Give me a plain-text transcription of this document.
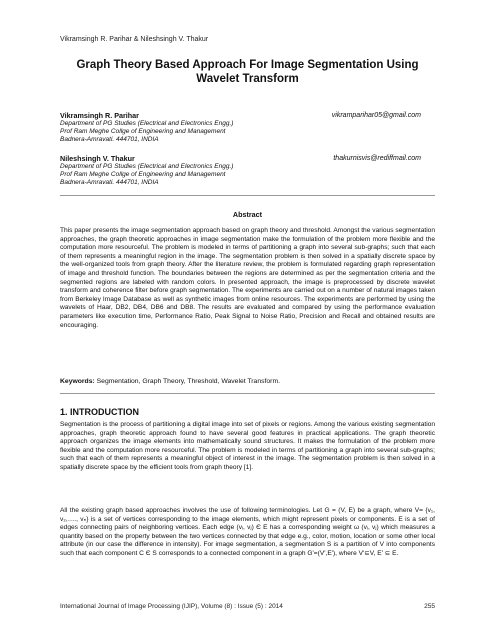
Vikramsingh R. Parihar & Nileshsingh V. Thakur
Graph Theory Based Approach For Image Segmentation Using
Wavelet Transform
Vikramsingh R. Parihar	vikramparihar05@gmail.com
Department of PG Studies (Electrical and Electronics Engg.)
Prof Ram Meghe Collge of Engineering and Management
Badnera-Amravati. 444701, INDIA
Nileshsingh V. Thakur	thakurnisvis@rediffmail.com
Department of PG Studies (Electrical and Electronics Engg.)
Prof Ram Meghe Collge of Engineering and Management
Badnera-Amravati. 444701, INDIA
Abstract
This paper presents the image segmentation approach based on graph theory and threshold. Amongst the various segmentation approaches, the graph theoretic approaches in image segmentation make the formulation of the problem more flexible and the computation more resourceful. The problem is modeled in terms of partitioning a graph into several sub-graphs; such that each of them represents a meaningful region in the image. The segmentation problem is then solved in a spatially discrete space by the well-organized tools from graph theory. After the literature review, the problem is formulated regarding graph representation of image and threshold function. The boundaries between the regions are determined as per the segmentation criteria and the segmented regions are labeled with random colors. In presented approach, the image is preprocessed by discrete wavelet transform and coherence filter before graph segmentation. The experiments are carried out on a number of natural images taken from Berkeley Image Database as well as synthetic images from online resources. The experiments are performed by using the wavelets of Haar, DB2, DB4, DB6 and DB8. The results are evaluated and compared by using the performance evaluation parameters like execution time, Performance Ratio, Peak Signal to Noise Ratio, Precision and Recall and obtained results are encouraging.
Keywords: Segmentation, Graph Theory, Threshold, Wavelet Transform.
1. INTRODUCTION
Segmentation is the process of partitioning a digital image into set of pixels or regions. Among the various existing segmentation approaches, graph theoretic approach found to have several good features in practical applications. The graph theoretic approach organizes the image elements into mathematically sound structures. It makes the formulation of the problem more flexible and the computation more resourceful. The problem is modeled in terms of partitioning a graph into several sub-graphs; such that each of them represents a meaningful object of interest in the image. The segmentation problem is then solved in a spatially discrete space by the efficient tools from graph theory [1].
All the existing graph based approaches involves the use of following terminologies. Let G = (V, E) be a graph, where V= {v₁, v₂,…., vₙ} is a set of vertices corresponding to the image elements, which might represent pixels or components. E is a set of edges connecting pairs of neighboring vertices. Each edge (vᵢ, vⱼ) Є E has a corresponding weight ω (vᵢ, vⱼ) which measures a quantity based on the property between the two vertices connected by that edge e.g., color, motion, location or some other local attribute (in our case the difference in intensity). For image segmentation, a segmentation S is a partition of V into components such that each component C Є S corresponds to a connected component in a graph G'=(V',E'), where V'⊆V, E' ⊆ E.
International Journal of Image Processing (IJIP), Volume (8) : Issue (5) : 2014	255
